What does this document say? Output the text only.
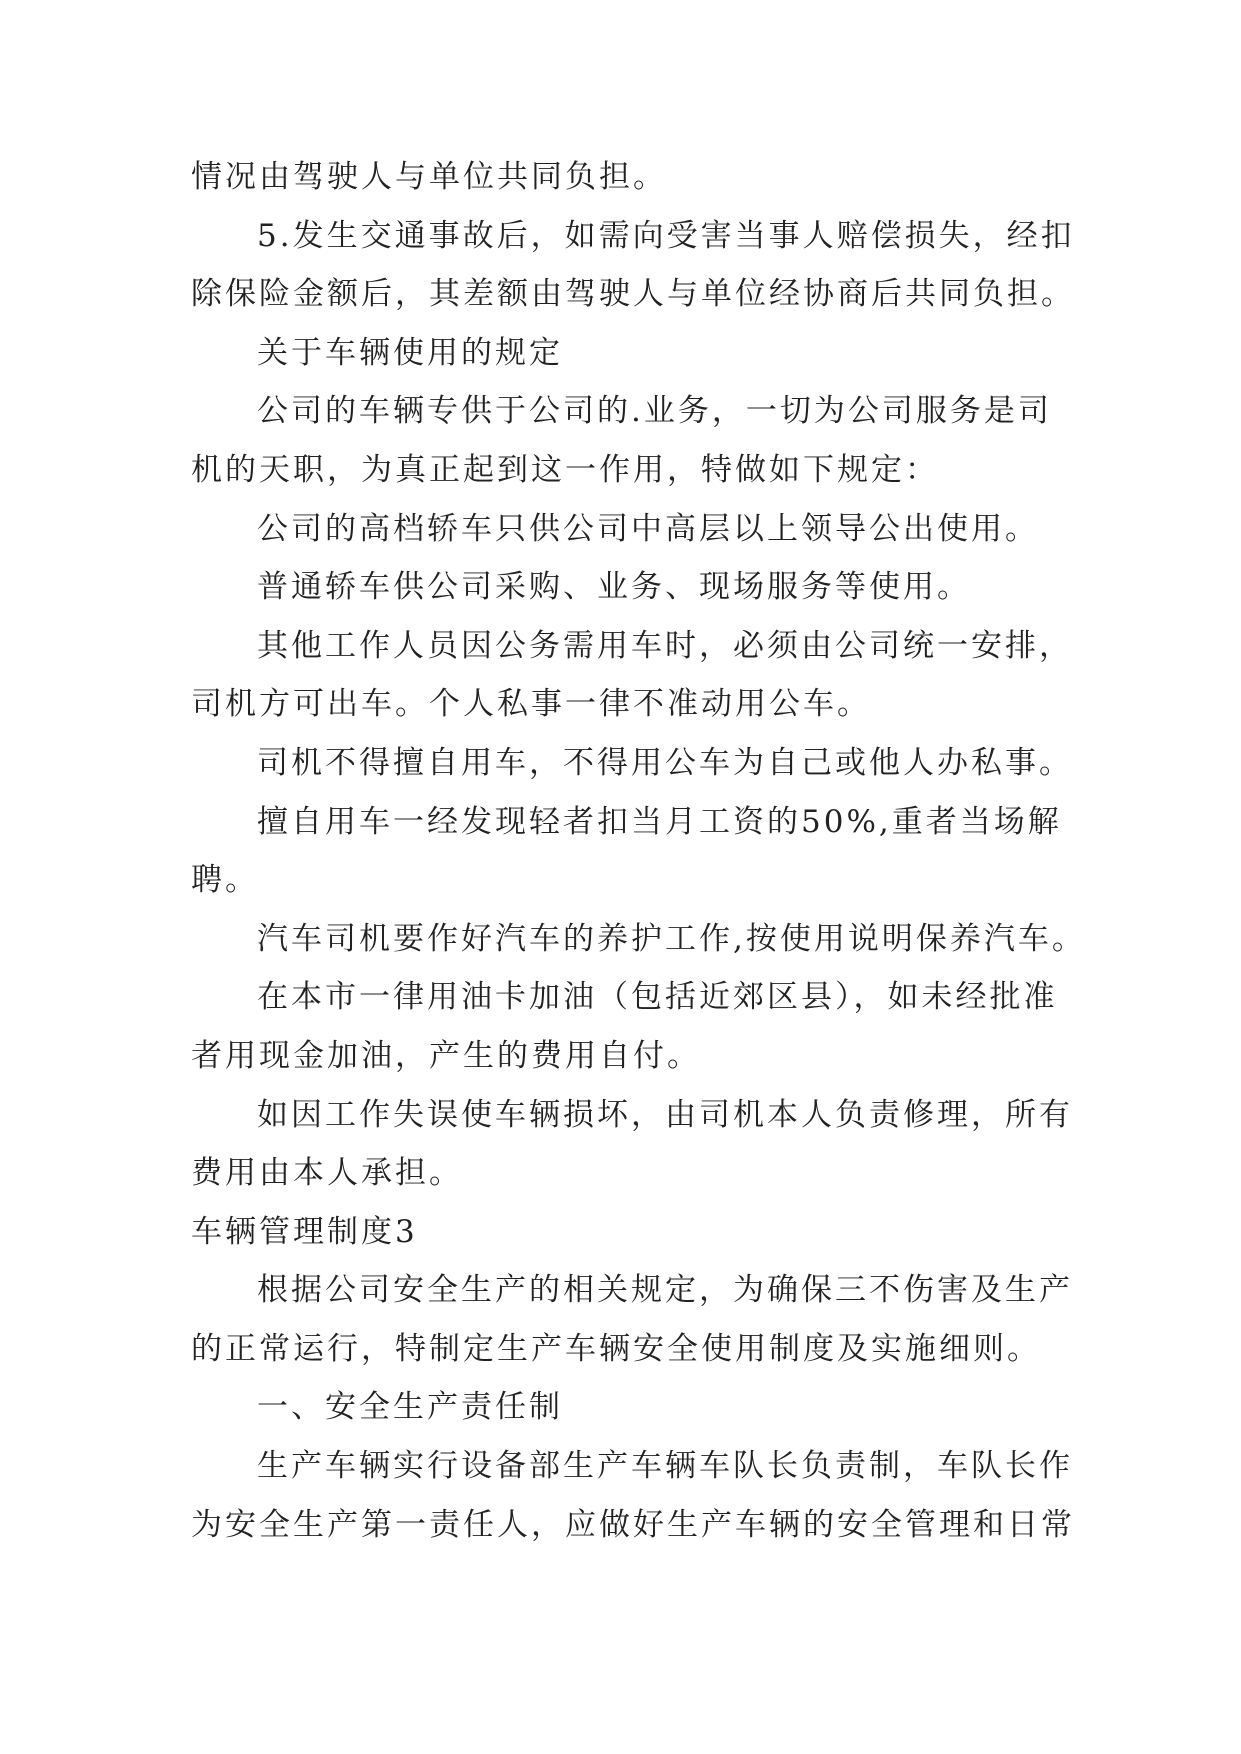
情况由驾驶人与单位共同负担。

5.发生交通事故后，如需向受害当事人赔偿损失，经扣

除保险金额后，其差额由驾驶人与单位经协商后共同负担。

关于车辆使用的规定

公司的车辆专供于公司的.业务，一切为公司服务是司

机的天职，为真正起到这一作用，特做如下规定：

公司的高档轿车只供公司中高层以上领导公出使用。

普通轿车供公司采购、业务、现场服务等使用。

其他工作人员因公务需用车时，必须由公司统一安排，

司机方可出车。个人私事一律不准动用公车。

司机不得擅自用车，不得用公车为自己或他人办私事。

擅自用车一经发现轻者扣当月工资的50%,重者当场解

聘。

汽车司机要作好汽车的养护工作,按使用说明保养汽车。

在本市一律用油卡加油（包括近郊区县），如未经批准

者用现金加油，产生的费用自付。

如因工作失误使车辆损坏，由司机本人负责修理，所有

费用由本人承担。

车辆管理制度3

根据公司安全生产的相关规定，为确保三不伤害及生产

的正常运行，特制定生产车辆安全使用制度及实施细则。

一、安全生产责任制

生产车辆实行设备部生产车辆车队长负责制，车队长作

为安全生产第一责任人，应做好生产车辆的安全管理和日常
